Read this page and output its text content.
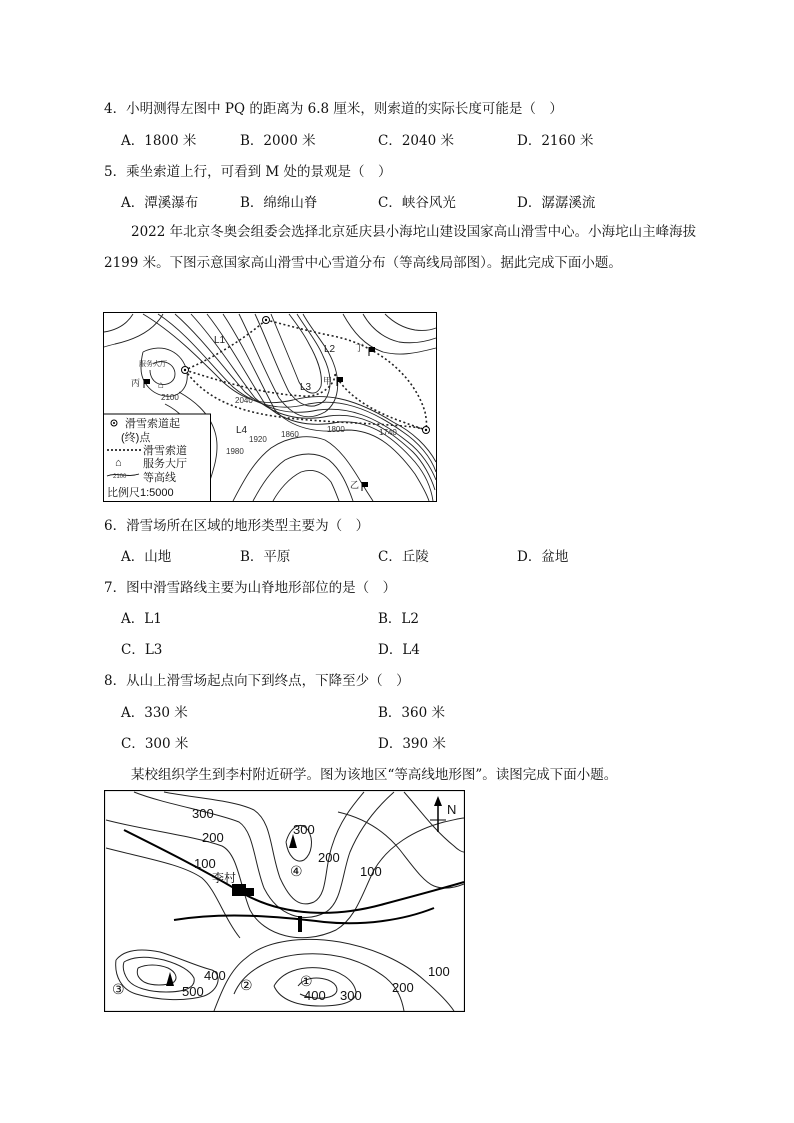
4．小明测得左图中 PQ 的距离为 6.8 厘米，则索道的实际长度可能是（　）
A．1800 米	B．2000 米	C．2040 米	D．2160 米
5．乘坐索道上行，可看到 M 处的景观是（　）
A．潭溪瀑布	B．绵绵山脊	C．峡谷风光	D．潺潺溪流
2022 年北京冬奥会组委会选择北京延庆县小海坨山建设国家高山滑雪中心。小海坨山主峰海拔 2199 米。下图示意国家高山滑雪中心雪道分布（等高线局部图）。据此完成下面小题。
L1
L2
L3
L4
甲
丁
丙
乙
服务大厅
⌂
2100	2040
1920
1860
1800	1740
1980
滑雪索道起
(终)点
滑雪索道
⌂ 服务大厅
2100 等高线
比例尺1:5000
6．滑雪场所在区域的地形类型主要为（　）
A．山地	B．平原	C．丘陵	D．盆地
7．图中滑雪路线主要为山脊地形部位的是（　）
A．L1	B．L2
C．L3	D．L4
8．从山上滑雪场起点向下到终点，下降至少（　）
A．330 米	B．360 米
C．300 米	D．390 米
某校组织学生到李村附近研学。图为该地区“等高线地形图”。读图完成下面小题。
李村
N
300
200
100
300
200
100
400
500	400 300
200
100
①
②
③
④
